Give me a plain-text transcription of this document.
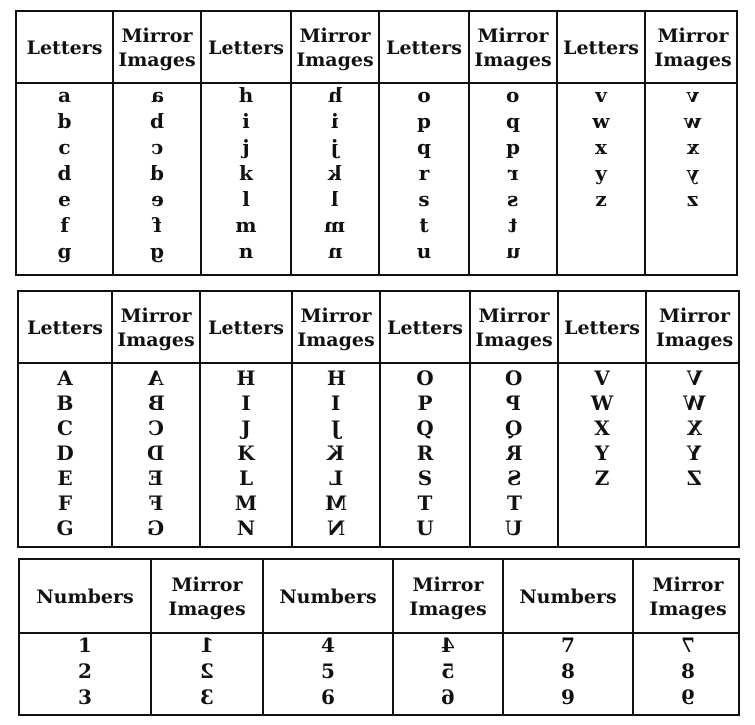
Letters
a
b
c
d
e
f
g
Mirror
Images
a
b
c
d
e
f
g
Letters
h
i
j
k
l
m
n
Mirror
Images
h
i
j
k
l
m
n
Letters
o
p
q
r
s
t
u
Mirror
Images
o
p
q
r
s
t
u
Letters
v
w
x
y
z
Mirror
Images
v
w
x
y
z
Letters
A
B
C
D
E
F
G
Mirror
Images
A
B
C
D
E
F
G
Letters
H
I
J
K
L
M
N
Mirror
Images
H
I
J
K
L
M
N
Letters
O
P
Q
R
S
T
U
Mirror
Images
O
P
Q
R
S
T
U
Letters
V
W
X
Y
Z
Mirror
Images
V
W
X
Y
Z
Numbers
1
2
3
Mirror
Images
1
2
3
Numbers
4
5
6
Mirror
Images
4
5
6
Numbers
7
8
9
Mirror
Images
7
8
9
